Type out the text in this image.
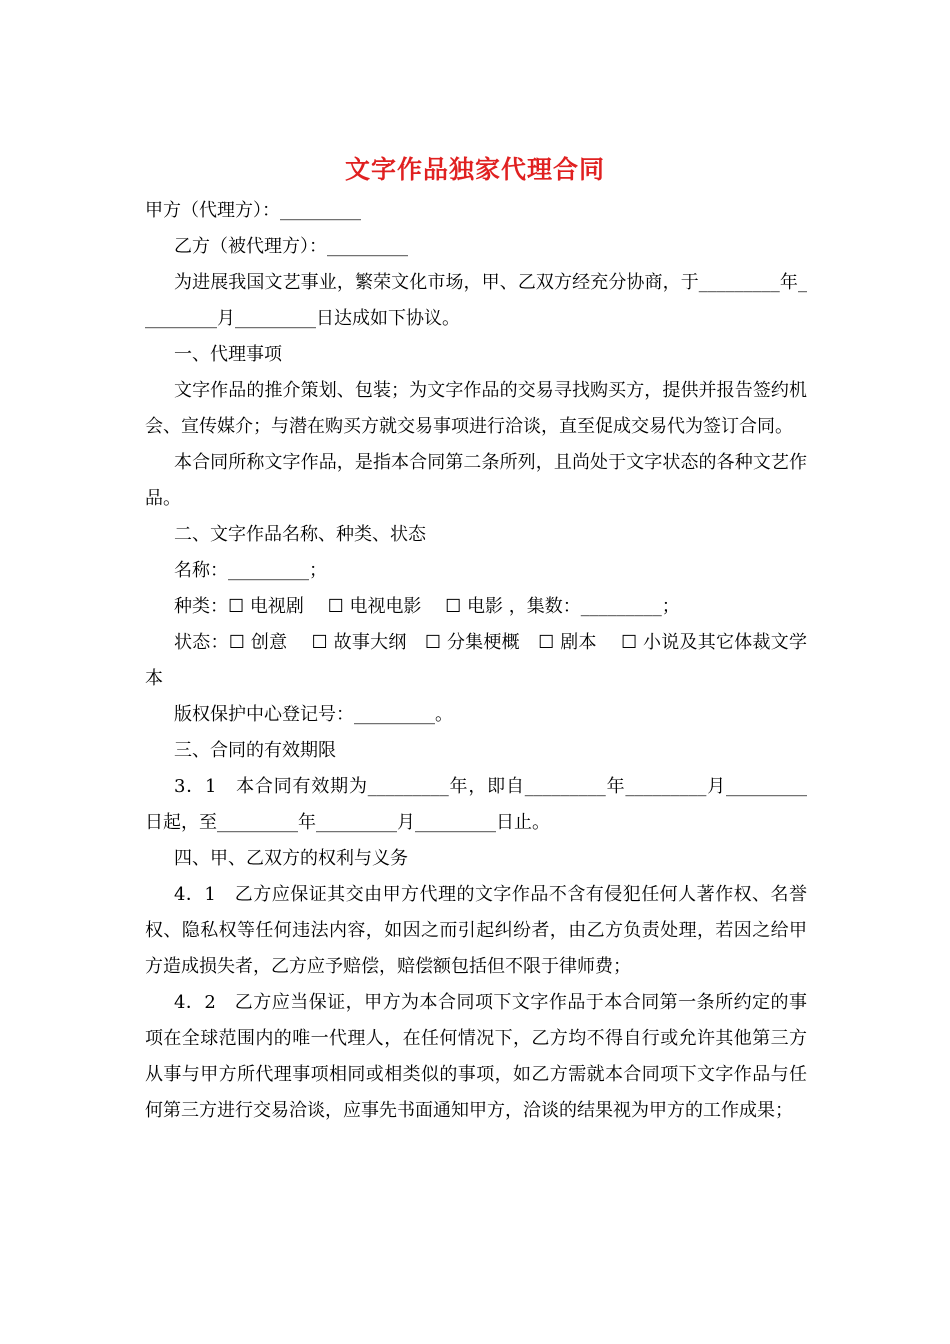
文字作品独家代理合同

甲方（代理方）：_________

乙方（被代理方）：_________

为进展我国文艺事业，繁荣文化市场，甲、乙双方经充分协商，于_________年_________月_________日达成如下协议。

一、代理事项

文字作品的推介策划、包装；为文字作品的交易寻找购买方，提供并报告签约机会、宣传媒介；与潜在购买方就交易事项进行洽谈，直至促成交易代为签订合同。

本合同所称文字作品，是指本合同第二条所列，且尚处于文字状态的各种文艺作品。

二、文字作品名称、种类、状态

名称：_________；

种类：☐ 电视剧　 ☐ 电视电影　 ☐ 电影 ，集数：_________；

状态：☐ 创意　 ☐ 故事大纲　☐ 分集梗概　☐ 剧本　 ☐ 小说及其它体裁文学本

版权保护中心登记号：_________。

三、合同的有效期限

3．1　本合同有效期为_________年，即自_________年_________月_________日起，至_________年_________月_________日止。

四、甲、乙双方的权利与义务

4．1　乙方应保证其交由甲方代理的文字作品不含有侵犯任何人著作权、名誉权、隐私权等任何违法内容，如因之而引起纠纷者，由乙方负责处理，若因之给甲方造成损失者，乙方应予赔偿，赔偿额包括但不限于律师费；

4．2　乙方应当保证，甲方为本合同项下文字作品于本合同第一条所约定的事项在全球范围内的唯一代理人，在任何情况下，乙方均不得自行或允许其他第三方从事与甲方所代理事项相同或相类似的事项，如乙方需就本合同项下文字作品与任何第三方进行交易洽谈，应事先书面通知甲方，洽谈的结果视为甲方的工作成果；
